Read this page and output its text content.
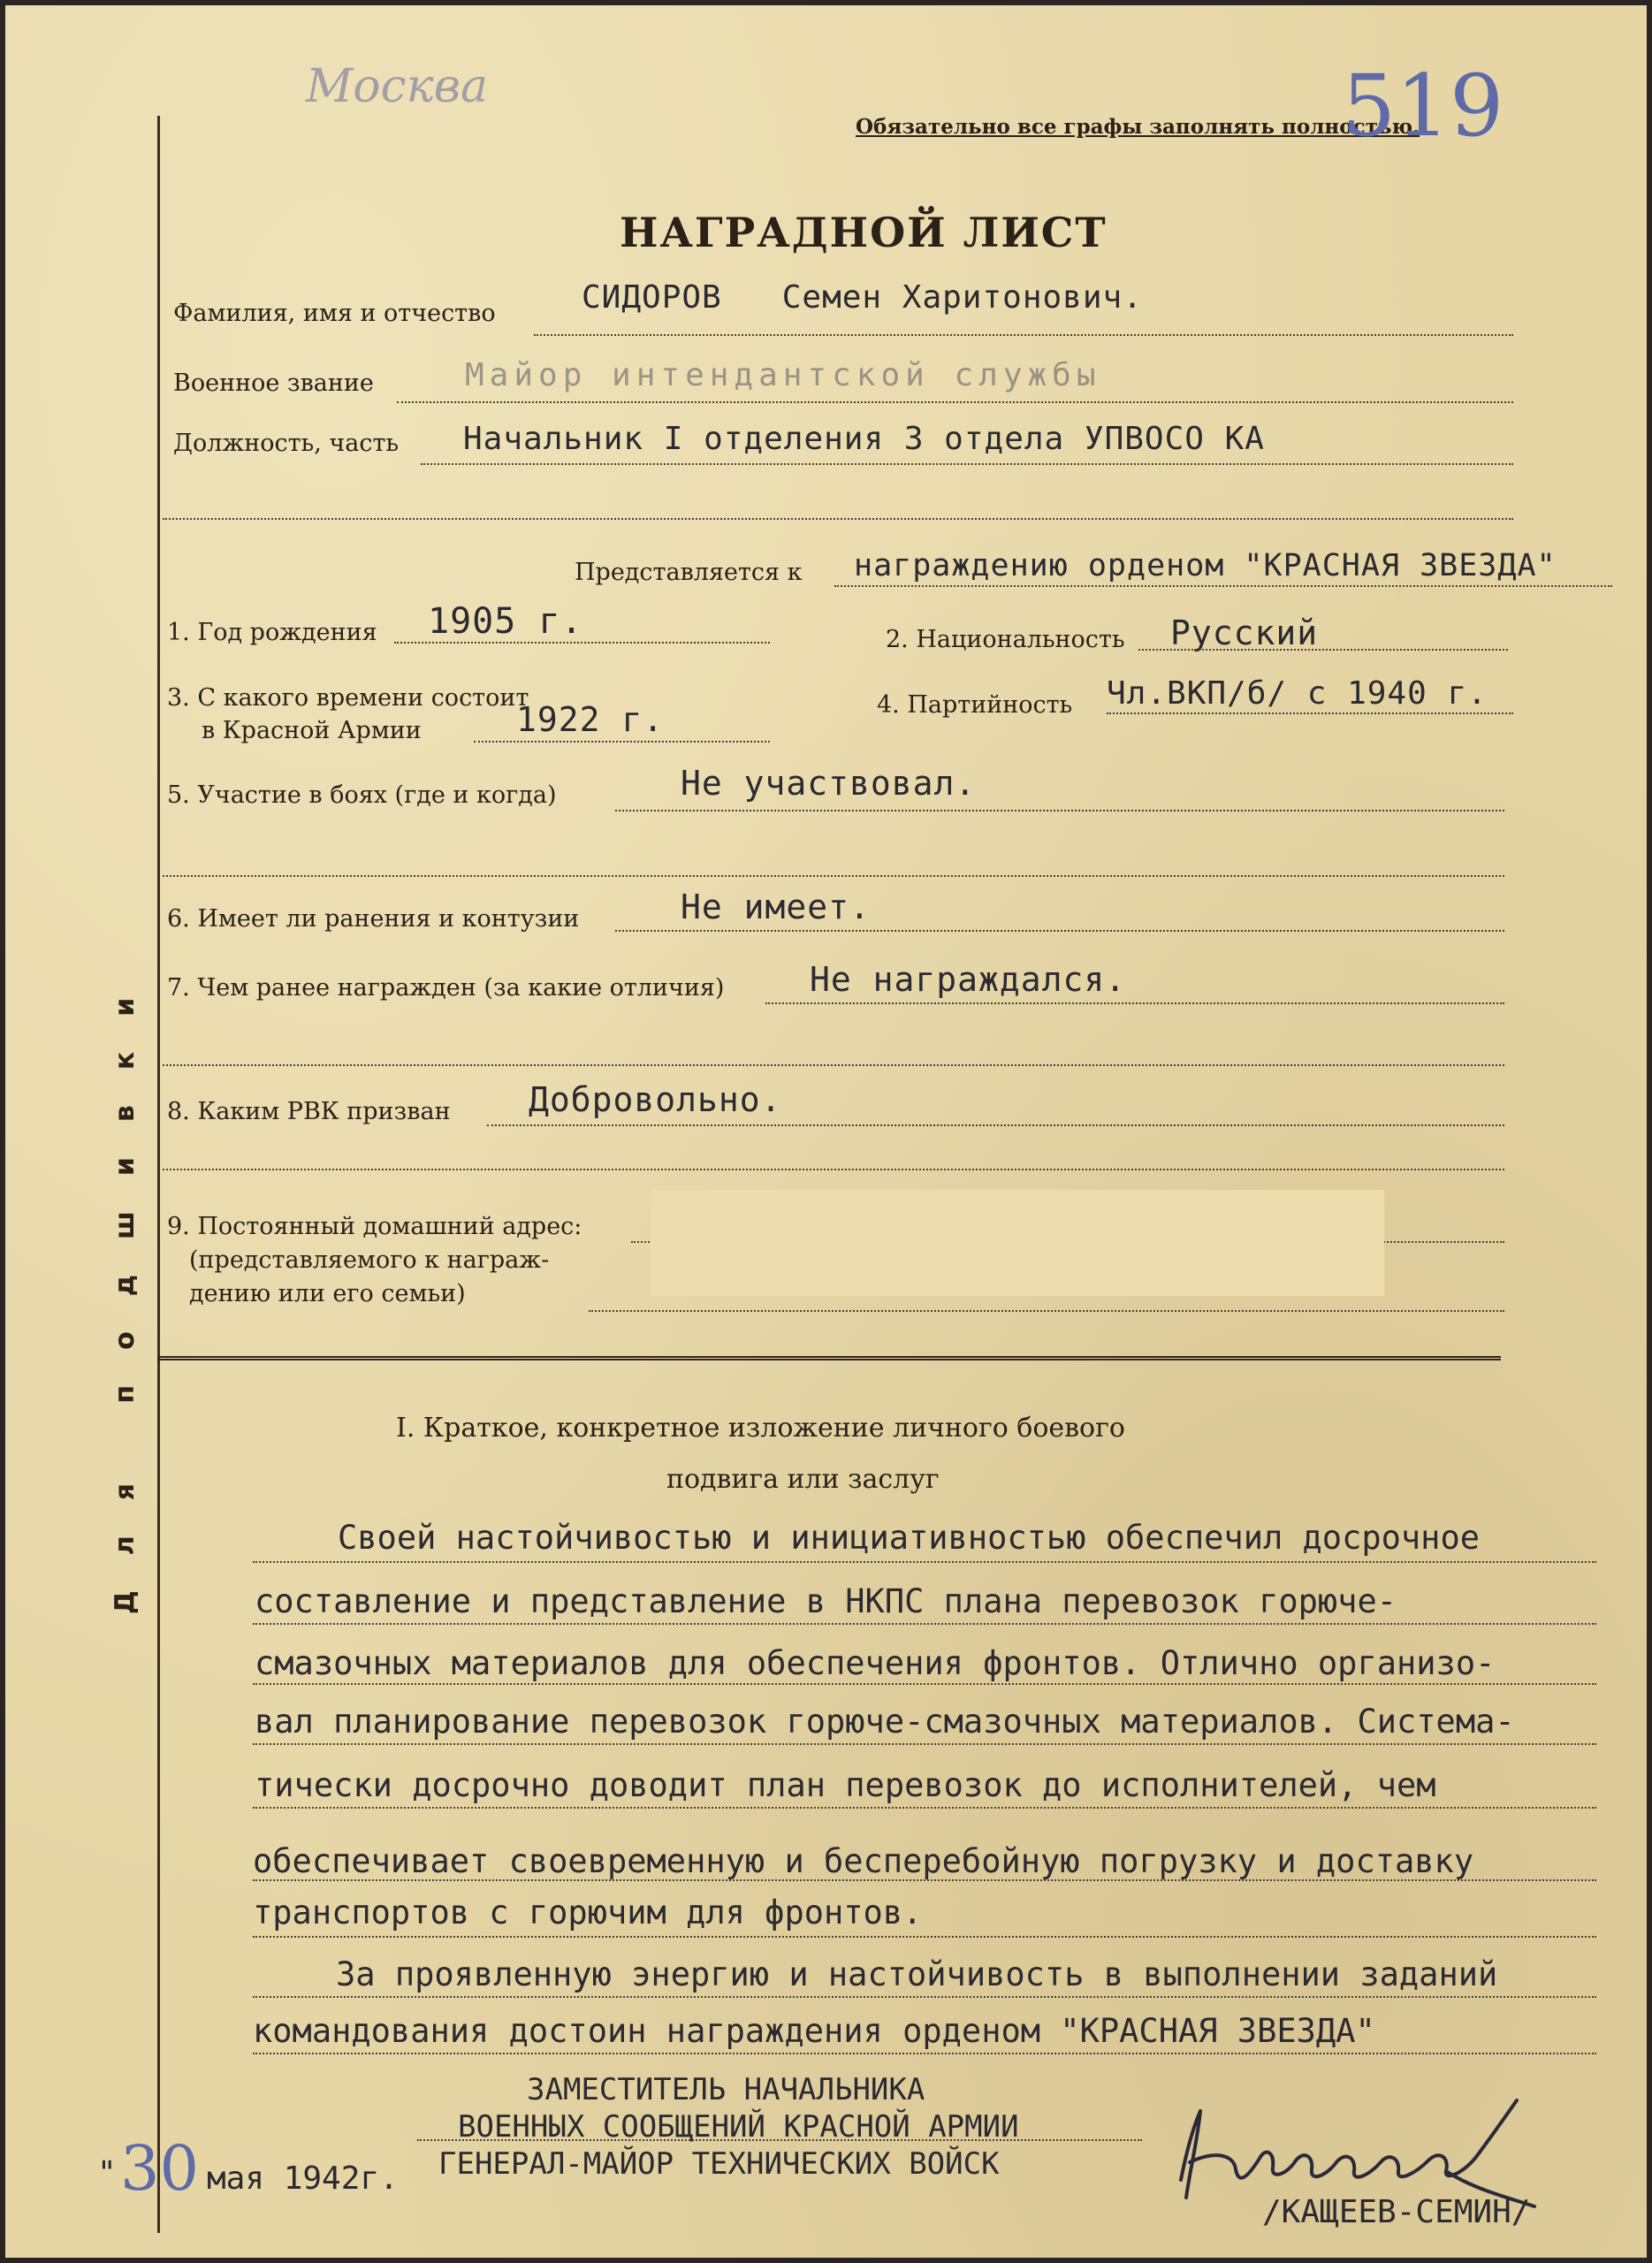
Для подшивки
Москва
Обязательно все графы заполнять полностью.
519
НАГРАДНОЙ ЛИСТ
Фамилия, имя и отчество	СИДОРОВ   Семен Харитонович.
Военное звание	Майор интендантской службы
Должность, часть Начальник I отделения 3 отдела УПВОСО КА
Представляется к награждению орденом "КРАСНАЯ ЗВЕЗДА"
1. Год рождения 1905 г.	2. Национальность Русский
3. С какого времени состоит
в Красной Армии	1922 г.	4. Партийность Чл.ВКП/б/ с 1940 г.
5. Участие в боях (где и когда)	Не участвовал.
6. Имеет ли ранения и контузии	Не имеет.
7. Чем ранее награжден (за какие отличия)	Не награждался.
8. Каким РВК призван Добровольно.
9. Постоянный домашний адрес:
(представляемого к награж-
дению или его семьи)
I. Краткое, конкретное изложение личного боевого
подвига или заслуг
Своей настойчивостью и инициативностью обеспечил досрочное
составление и представление в НКПС плана перевозок горюче-
смазочных материалов для обеспечения фронтов. Отлично организо-
вал планирование перевозок горюче-смазочных материалов. Система-
тически досрочно доводит план перевозок до исполнителей, чем
обеспечивает своевременную и бесперебойную погрузку и доставку
транспортов с горючим для фронтов.
За проявленную энергию и настойчивость в выполнении заданий
командования достоин награждения орденом "КРАСНАЯ ЗВЕЗДА"
ЗАМЕСТИТЕЛЬ НАЧАЛЬНИКА
ВОЕННЫХ СООБЩЕНИЙ КРАСНОЙ АРМИИ
ГЕНЕРАЛ-МАЙОР ТЕХНИЧЕСКИХ ВОЙСК
" 30 мая 1942г.
/КАЩЕЕВ-СЕМИН/
